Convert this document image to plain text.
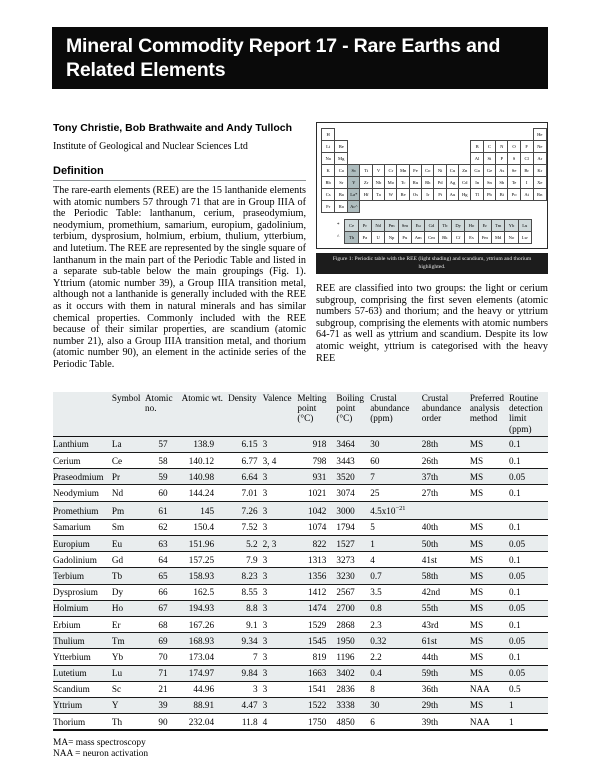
Mineral Commodity Report 17 - Rare Earths and Related Elements

Tony Christie, Bob Brathwaite and Andy Tulloch

Institute of Geological and Nuclear Sciences Ltd

Definition

The rare-earth elements (REE) are the 15 lanthanide elements with atomic numbers 57 through 71 that are in Group IIIA of the Periodic Table: lanthanum, cerium, praseodymium, neodymium, promethium, samarium, europium, gadolinium, terbium, dysprosium, holmium, erbium, thulium, ytterbium, and lutetium. The REE are represented by the single square of lanthanum in the main part of the Periodic Table and listed in a separate sub-table below the main groupings (Fig. 1). Yttrium (atomic number 39), a Group IIIA transition metal, although not a lanthanide is generally included with the REE as it occurs with them in natural minerals and has similar chemical properties. Commonly included with the REE because of their similar properties, are scandium (atomic number 21), also a Group IIIA transition metal, and thorium (atomic number 90), an element in the actinide series of the Periodic Table.

H																	He
Li	Be											B	C	N	O	F	Ne
Na	Mg											Al	Si	P	S	Cl	Ar
K	Ca	Sc	Ti	V	Cr	Mn	Fe	Co	Ni	Cu	Zn	Ga	Ge	As	Se	Br	Kr
Rb	Sr	Y	Zr	Nb	Mo	Tc	Ru	Rh	Pd	Ag	Cd	In	Sn	Sb	Te	I	Xe
Cs	Ba	La*	Hf	Ta	W	Re	Os	Ir	Pt	Au	Hg	Tl	Pb	Bi	Po	At	Rn
Fr	Ra	Ac^															
*	Ce	Pr	Nd	Pm	Sm	Eu	Gd	Tb	Dy	Ho	Er	Tm	Yb	Lu
^	Th	Pa	U	Np	Pu	Am	Cm	Bk	Cf	Es	Fm	Md	No	Lw
Figure 1: Periodic table with the REE (light shading) and scandium, yttrium and thorium highlighted.

REE are classified into two groups: the light or cerium subgroup, comprising the first seven elements (atomic numbers 57-63) and thorium; and the heavy or yttrium subgroup, comprising the elements with atomic numbers 64-71 as well as yttrium and scandium. Despite its low atomic weight, yttrium is categorised with the heavy REE

	Symbol	Atomic no.	Atomic wt.	Density	Valence	Melting point (°C)	Boiling point (°C)	Crustal abundance (ppm)	Crustal abundance order	Preferred analysis method	Routine detection limit (ppm)
Lanthium	La	57	138.9	6.15	3	918	3464	30	28th	MS	0.1
Cerium	Ce	58	140.12	6.77	3, 4	798	3443	60	26th	MS	0.1
Praseodmium	Pr	59	140.98	6.64	3	931	3520	7	37th	MS	0.05
Neodymium	Nd	60	144.24	7.01	3	1021	3074	25	27th	MS	0.1
Promethium	Pm	61	145	7.26	3	1042	3000	$4.5x10^{-21}$			
Samarium	Sm	62	150.4	7.52	3	1074	1794	5	40th	MS	0.1
Europium	Eu	63	151.96	5.2	2, 3	822	1527	1	50th	MS	0.05
Gadolinium	Gd	64	157.25	7.9	3	1313	3273	4	41st	MS	0.1
Terbium	Tb	65	158.93	8.23	3	1356	3230	0.7	58th	MS	0.05
Dysprosium	Dy	66	162.5	8.55	3	1412	2567	3.5	42nd	MS	0.1
Holmium	Ho	67	194.93	8.8	3	1474	2700	0.8	55th	MS	0.05
Erbium	Er	68	167.26	9.1	3	1529	2868	2.3	43rd	MS	0.1
Thulium	Tm	69	168.93	9.34	3	1545	1950	0.32	61st	MS	0.05
Ytterbium	Yb	70	173.04	7	3	819	1196	2.2	44th	MS	0.1
Lutetium	Lu	71	174.97	9.84	3	1663	3402	0.4	59th	MS	0.05
Scandium	Sc	21	44.96	3	3	1541	2836	8	36th	NAA	0.5
Yttrium	Y	39	88.91	4.47	3	1522	3338	30	29th	MS	1
Thorium	Th	90	232.04	11.8	4	1750	4850	6	39th	NAA	1
MA= mass spectroscopy
NAA = neuron activation
